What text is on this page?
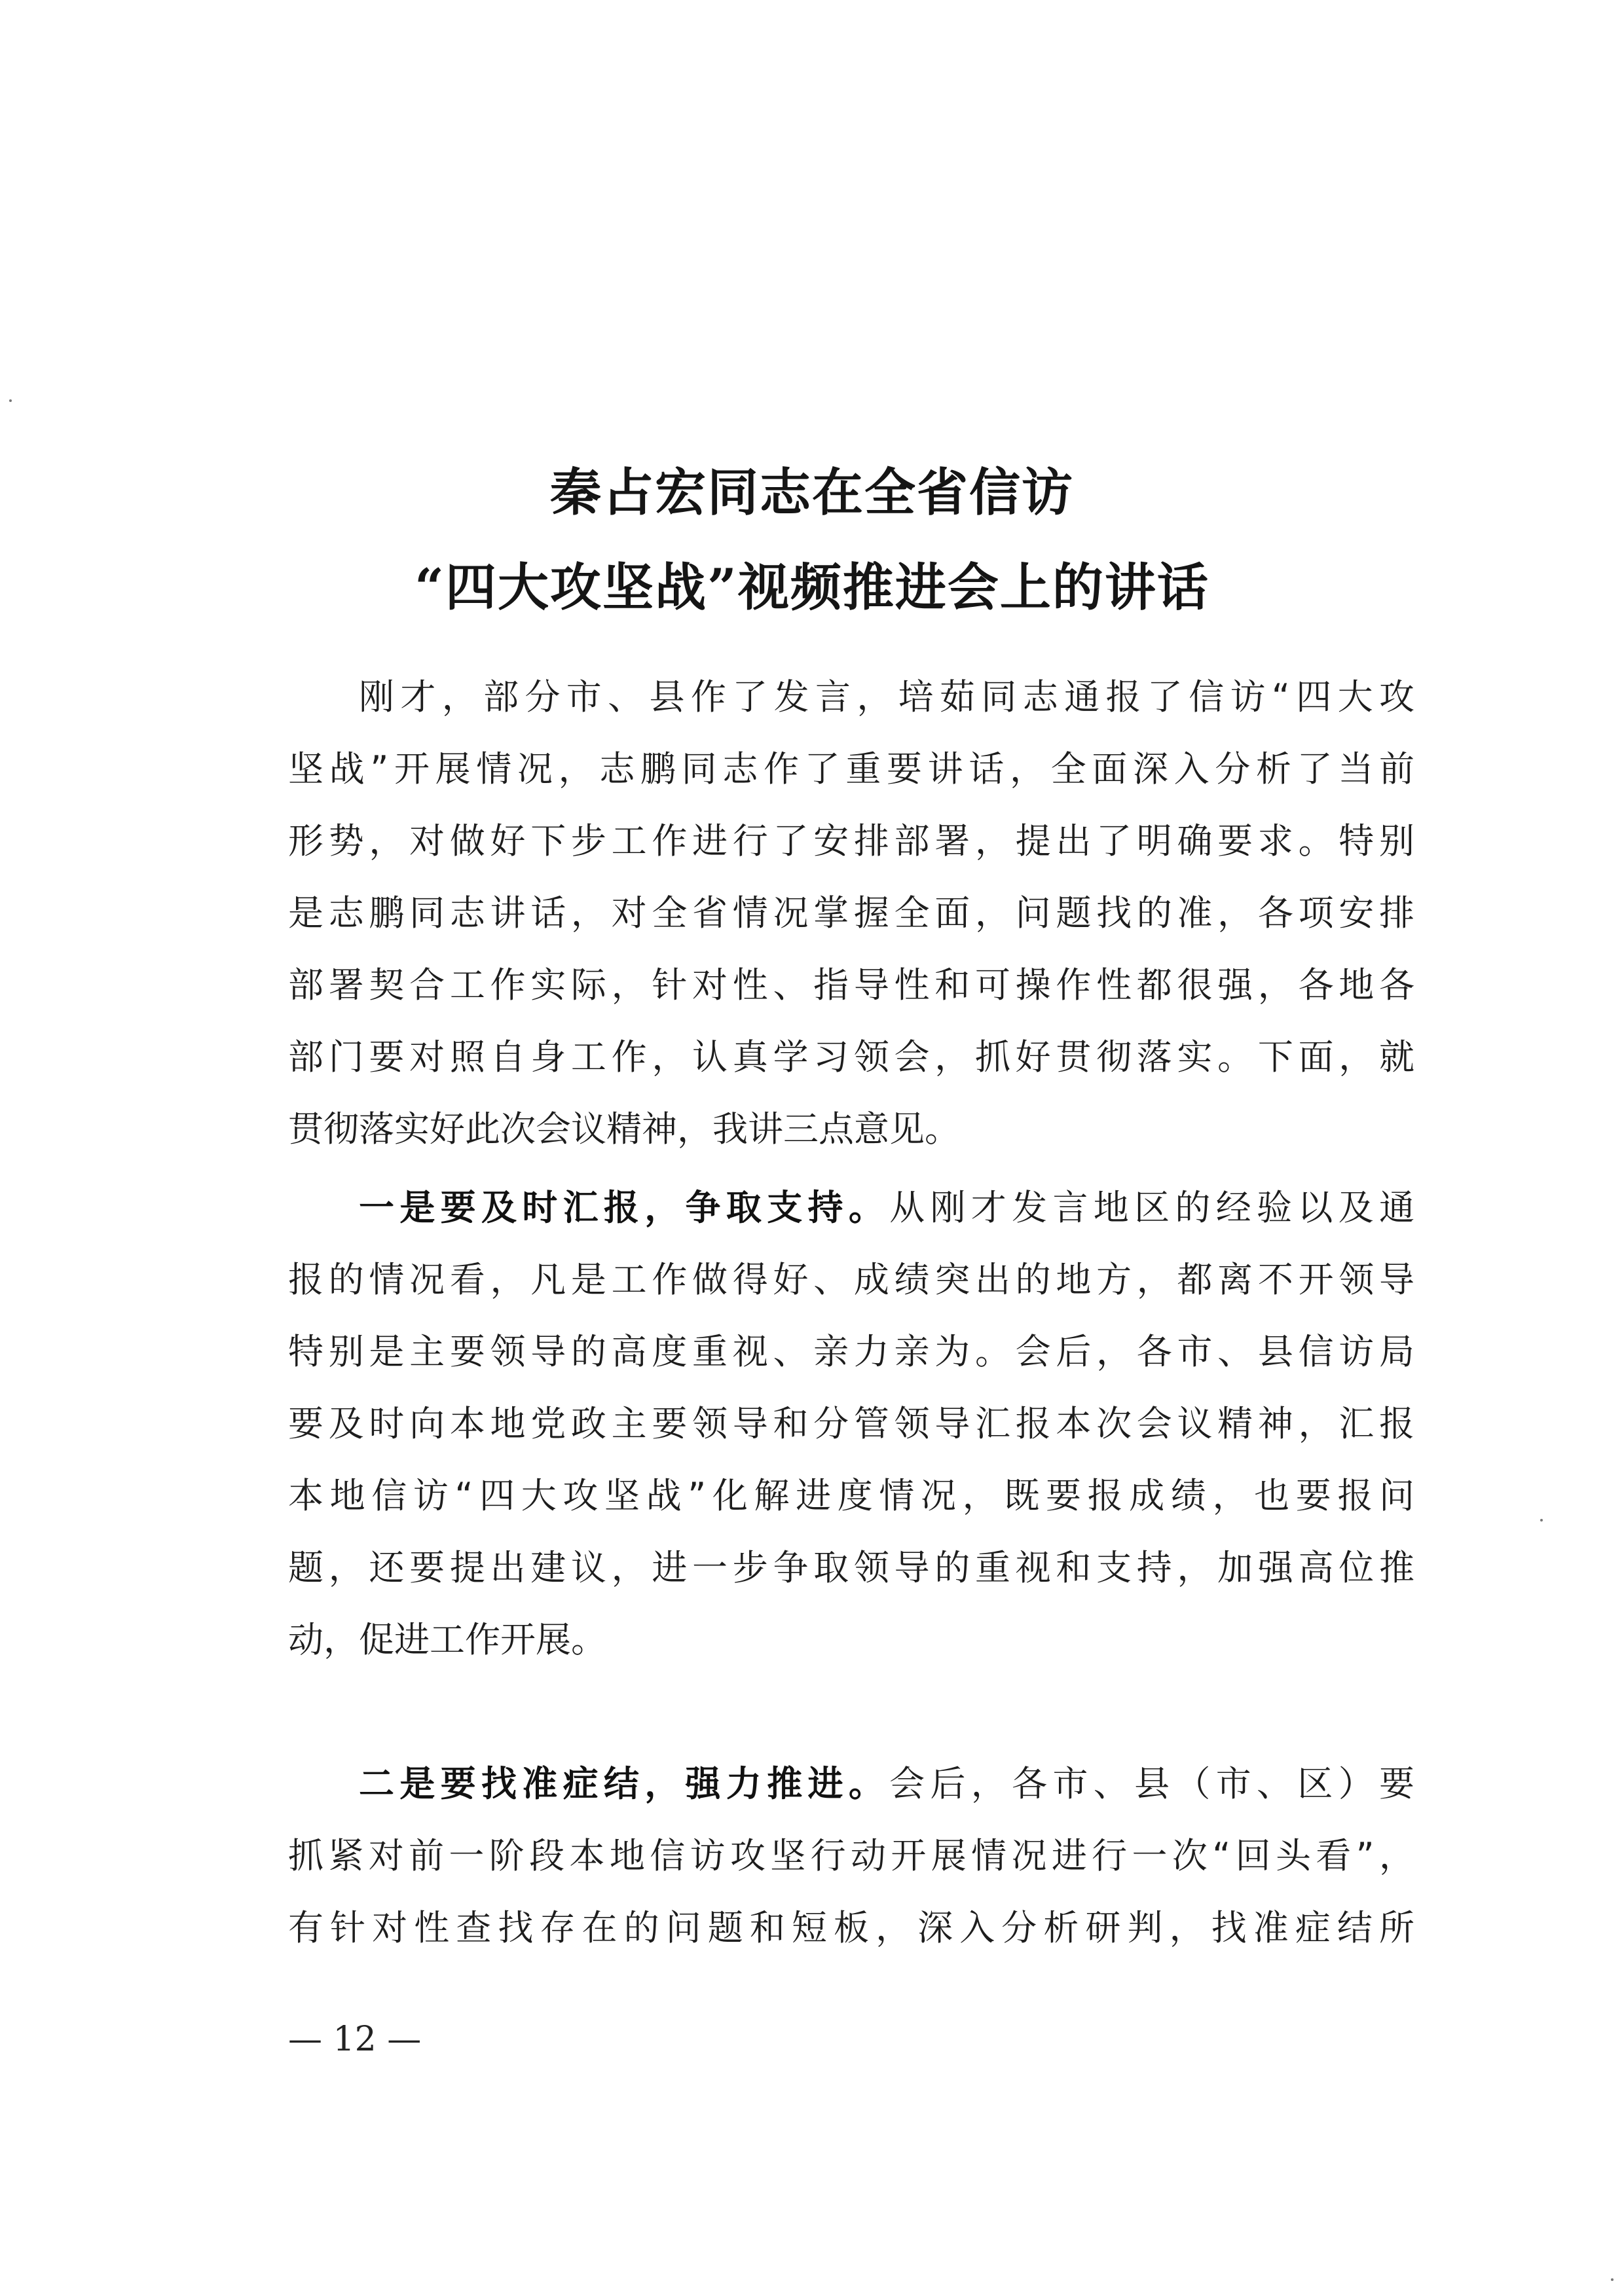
秦占宏同志在全省信访
“四大攻坚战”视频推进会上的讲话
刚才，部分市、县作了发言，培茹同志通报了信访“四大攻
坚战”开展情况，志鹏同志作了重要讲话，全面深入分析了当前
形势，对做好下步工作进行了安排部署，提出了明确要求。特别
是志鹏同志讲话，对全省情况掌握全面，问题找的准，各项安排
部署契合工作实际，针对性、指导性和可操作性都很强，各地各
部门要对照自身工作，认真学习领会，抓好贯彻落实。下面，就
贯彻落实好此次会议精神，我讲三点意见。
一是要及时汇报，争取支持。从刚才发言地区的经验以及通
报的情况看，凡是工作做得好、成绩突出的地方，都离不开领导
特别是主要领导的高度重视、亲力亲为。会后，各市、县信访局
要及时向本地党政主要领导和分管领导汇报本次会议精神，汇报
本地信访“四大攻坚战”化解进度情况，既要报成绩，也要报问
题，还要提出建议，进一步争取领导的重视和支持，加强高位推
动，促进工作开展。
二是要找准症结，强力推进。会后，各市、县（市、区）要
抓紧对前一阶段本地信访攻坚行动开展情况进行一次“回头看”，
有针对性查找存在的问题和短板，深入分析研判，找准症结所
— 12 —
